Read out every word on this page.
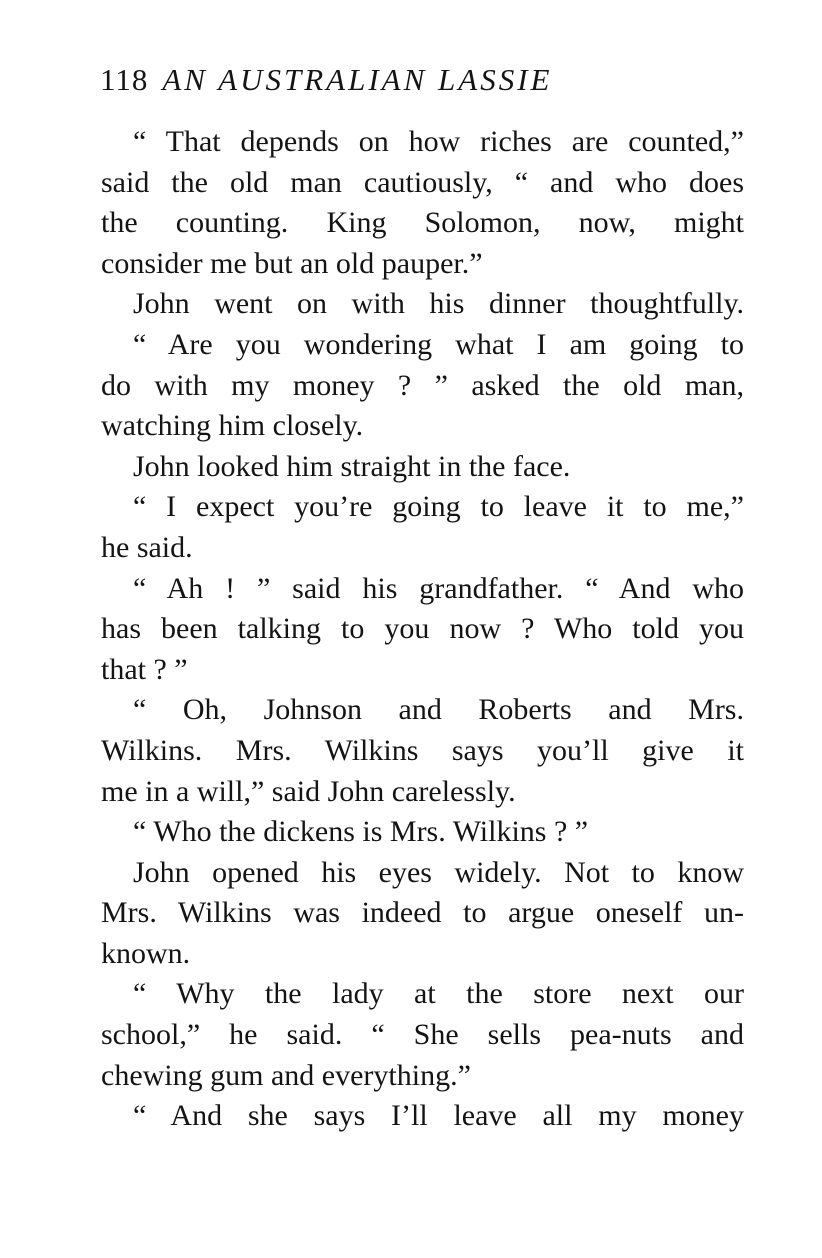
118 AN AUSTRALIAN LASSIE
“ That depends on how riches are counted,”
said the old man cautiously, “ and who does
the counting. King Solomon, now, might
consider me but an old pauper.”
John went on with his dinner thoughtfully.
“ Are you wondering what I am going to
do with my money ? ” asked the old man,
watching him closely.
John looked him straight in the face.
“ I expect you’re going to leave it to me,”
he said.
“ Ah ! ” said his grandfather. “ And who
has been talking to you now ? Who told you
that ? ”
“ Oh, Johnson and Roberts and Mrs.
Wilkins. Mrs. Wilkins says you’ll give it
me in a will,” said John carelessly.
“ Who the dickens is Mrs. Wilkins ? ”
John opened his eyes widely. Not to know
Mrs. Wilkins was indeed to argue oneself un-
known.
“ Why the lady at the store next our
school,” he said. “ She sells pea-nuts and
chewing gum and everything.”
“ And she says I’ll leave all my money
